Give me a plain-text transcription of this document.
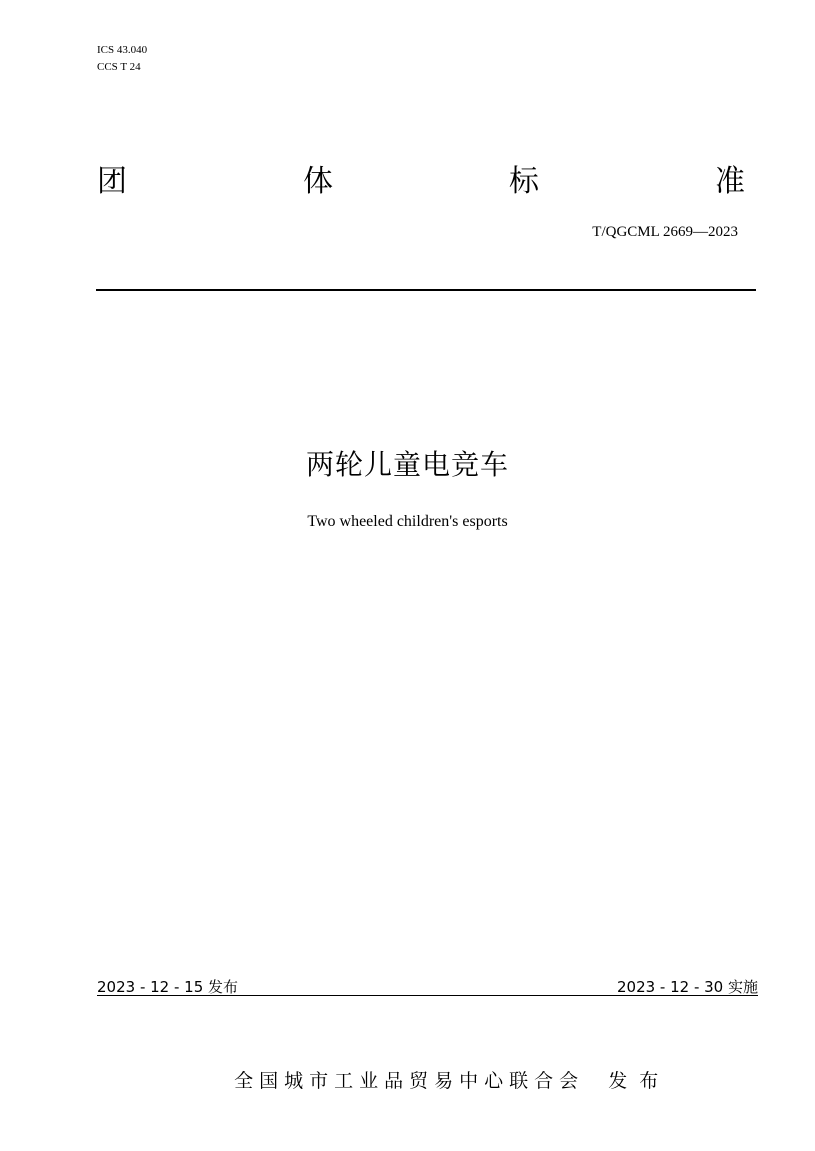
ICS 43.040
CCS T 24
团	体	标	准
T/QGCML 2669—2023
两轮儿童电竞车
Two wheeled children's esports
2023 - 12 - 15 发布	2023 - 12 - 30 实施

全国城市工业品贸易中心联合会 发布
